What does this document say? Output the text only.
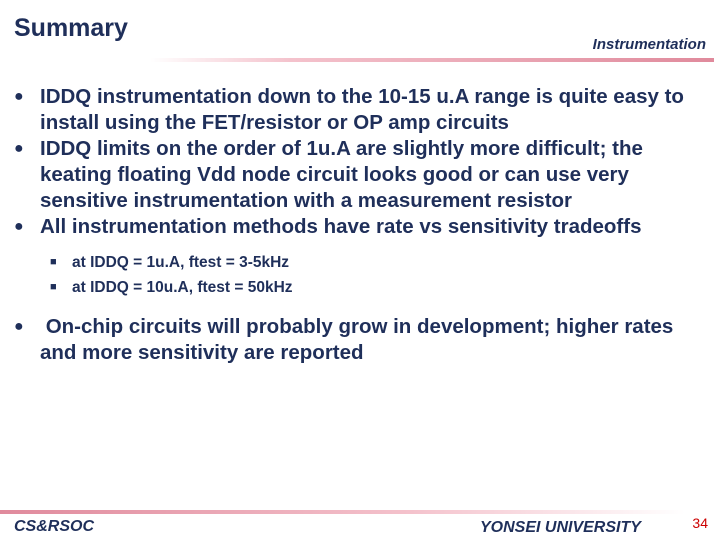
Summary
Instrumentation

● IDDQ instrumentation down to the 10-15 u.A range is quite easy to install using the FET/resistor or OP amp circuits

● IDDQ limits on the order of 1u.A are slightly more difficult; the keating floating Vdd node circuit looks good or can use very sensitive instrumentation with a measurement resistor

● All instrumentation methods have rate vs sensitivity tradeoffs

■ at IDDQ = 1u.A, ftest = 3-5kHz
■ at IDDQ = 10u.A, ftest = 50kHz

● On-chip circuits will probably grow in development; higher rates and more sensitivity are reported

CS&RSOC	YONSEI UNIVERSITY	34
